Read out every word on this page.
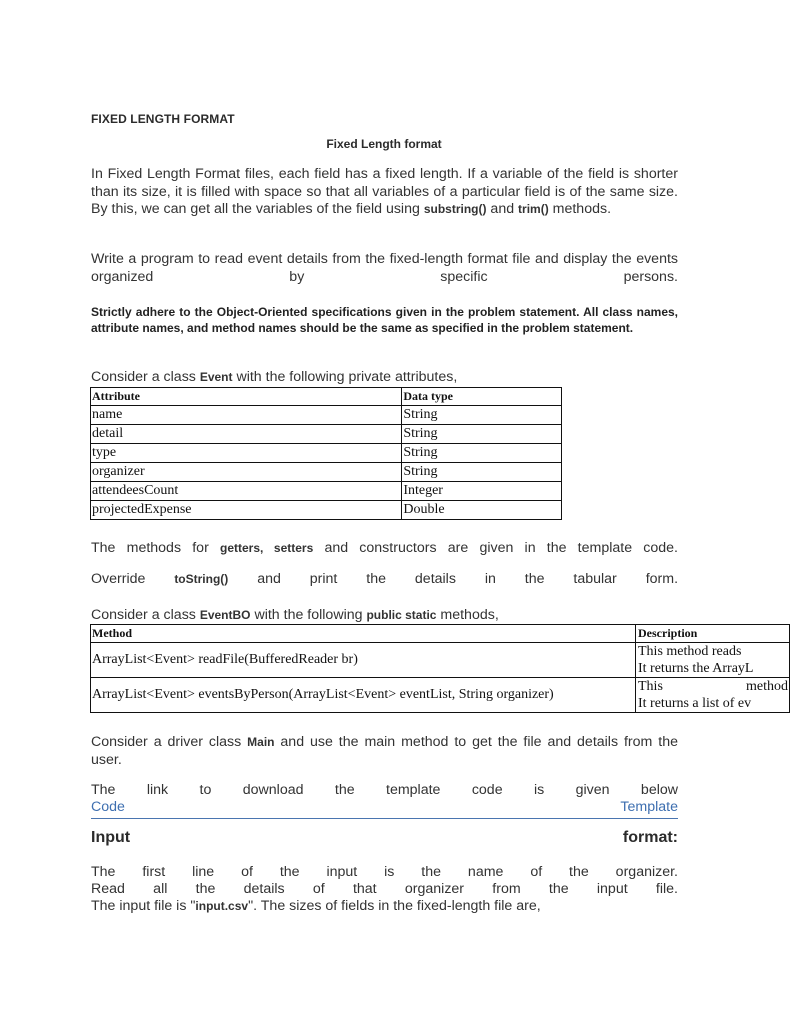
FIXED LENGTH FORMAT
Fixed Length format
In Fixed Length Format files, each field has a fixed length. If a variable of the field is shorter than its size, it is filled with space so that all variables of a particular field is of the same size. By this, we can get all the variables of the field using substring() and trim() methods.
Write a program to read event details from the fixed-length format file and display the events organized by specific persons.
Strictly adhere to the Object-Oriented specifications given in the problem statement. All class names, attribute names, and method names should be the same as specified in the problem statement.
Consider a class Event with the following private attributes,
Attribute	Data type
name	String
detail	String
type	String
organizer	String
attendeesCount	Integer
projectedExpense	Double
The methods for getters, setters and constructors are given in the template code.
Override toString() and print the details in the tabular form.
Consider a class EventBO with the following public static methods,
Method	Description
ArrayList<Event> readFile(BufferedReader br)	This method reads
It returns the ArrayL

ArrayList<Event> eventsByPerson(ArrayList<Event> eventList, String organizer)	This method
It returns a list of ev
Consider a driver class Main and use the main method to get the file and details from the user.
The link to download the template code is given below
Code	Template
Input	format:
The first line of the input is the name of the organizer.
Read all the details of that organizer from the input file.
The input file is "input.csv". The sizes of fields in the fixed-length file are,
